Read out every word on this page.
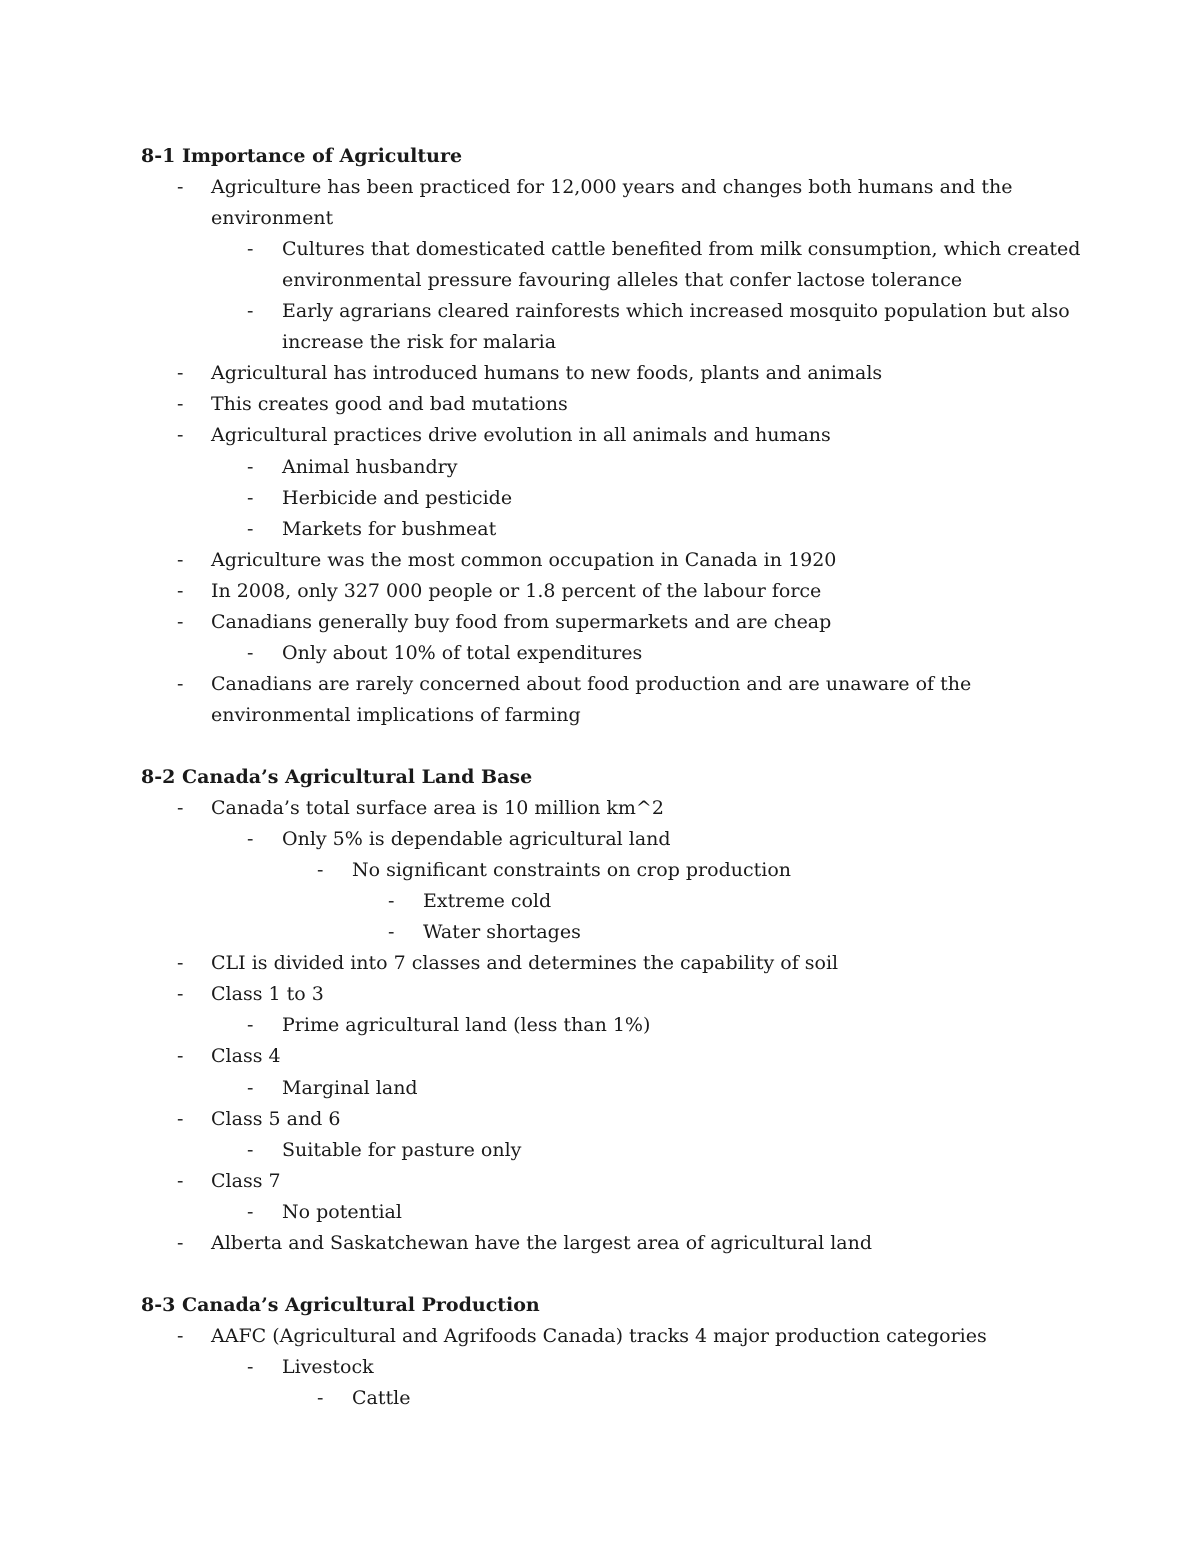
8-1 Importance of Agriculture
- Agriculture has been practiced for 12,000 years and changes both humans and the
environment
- Cultures that domesticated cattle benefited from milk consumption, which created
environmental pressure favouring alleles that confer lactose tolerance
- Early agrarians cleared rainforests which increased mosquito population but also
increase the risk for malaria
- Agricultural has introduced humans to new foods, plants and animals
- This creates good and bad mutations
- Agricultural practices drive evolution in all animals and humans
- Animal husbandry
- Herbicide and pesticide
- Markets for bushmeat
- Agriculture was the most common occupation in Canada in 1920
- In 2008, only 327 000 people or 1.8 percent of the labour force
- Canadians generally buy food from supermarkets and are cheap
- Only about 10% of total expenditures
- Canadians are rarely concerned about food production and are unaware of the
environmental implications of farming
8-2 Canada’s Agricultural Land Base
- Canada’s total surface area is 10 million km^2
- Only 5% is dependable agricultural land
- No significant constraints on crop production
- Extreme cold
- Water shortages
- CLI is divided into 7 classes and determines the capability of soil
- Class 1 to 3
- Prime agricultural land (less than 1%)
- Class 4
- Marginal land
- Class 5 and 6
- Suitable for pasture only
- Class 7
- No potential
- Alberta and Saskatchewan have the largest area of agricultural land
8-3 Canada’s Agricultural Production
- AAFC (Agricultural and Agrifoods Canada) tracks 4 major production categories
- Livestock
- Cattle
